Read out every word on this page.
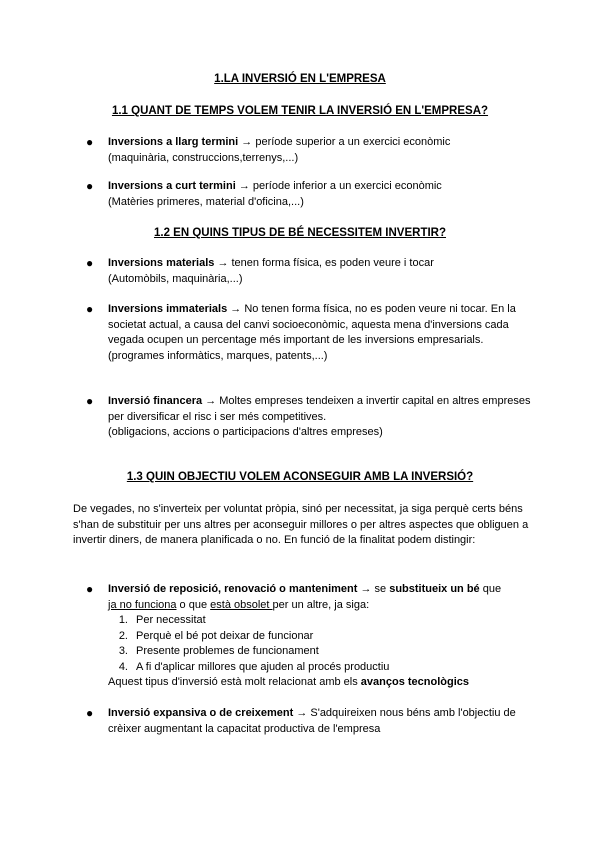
1.LA INVERSIÓ EN L'EMPRESA
1.1 QUANT DE TEMPS VOLEM TENIR LA INVERSIÓ EN L'EMPRESA?
● Inversions a llarg termini → període superior a un exercici econòmic
(maquinària, construccions,terrenys,...)
● Inversions a curt termini → període inferior a un exercici econòmic
(Matèries primeres, material d'oficina,...)
1.2 EN QUINS TIPUS DE BÉ NECESSITEM INVERTIR?
● Inversions materials → tenen forma física, es poden veure i tocar
(Automòbils, maquinària,...)
● Inversions immaterials → No tenen forma física, no es poden veure ni tocar. En la societat actual, a causa del canvi socioeconòmic, aquesta mena d'inversions cada vegada ocupen un percentage més important de les inversions empresarials.
(programes informàtics, marques, patents,...)
● Inversió financera → Moltes empreses tendeixen a invertir capital en altres empreses per diversificar el risc i ser més competitives.
(obligacions, accions o participacions d'altres empreses)
1.3 QUIN OBJECTIU VOLEM ACONSEGUIR AMB LA INVERSIÓ?
De vegades, no s'inverteix per voluntat pròpia, sinó per necessitat, ja siga perquè certs béns s'han de substituir per uns altres per aconseguir millores o per altres aspectes que obliguen a invertir diners, de manera planificada o no. En funció de la finalitat podem distingir:
● Inversió de reposició, renovació o manteniment → se substitueix un bé que
ja no funciona o que està obsolet per un altre, ja siga:
1. Per necessitat
2. Perquè el bé pot deixar de funcionar
3. Presente problemes de funcionament
4. A fi d'aplicar millores que ajuden al procés productiu
Aquest tipus d'inversió està molt relacionat amb els avanços tecnològics
● Inversió expansiva o de creixement → S'adquireixen nous béns amb l'objectiu de crèixer augmentant la capacitat productiva de l'empresa
